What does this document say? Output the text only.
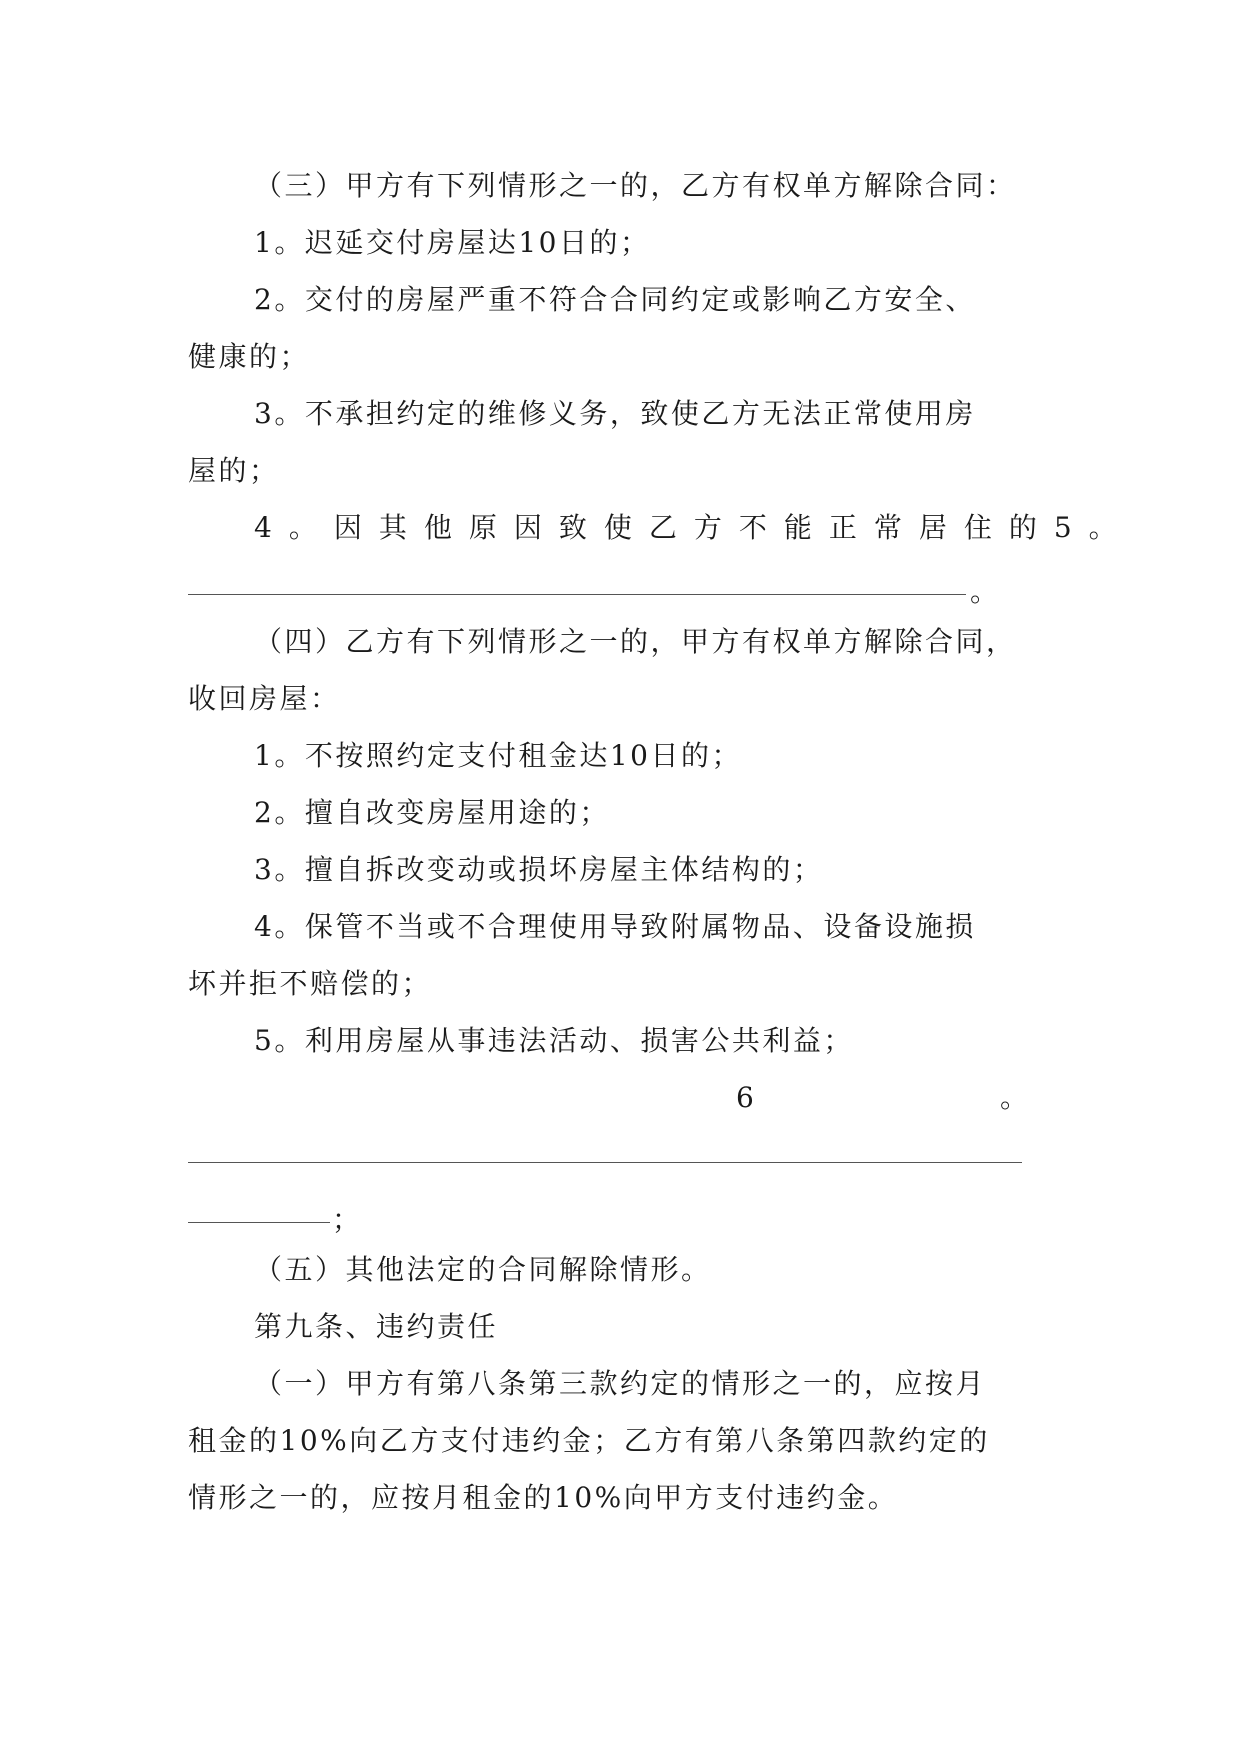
（三）甲方有下列情形之一的，乙方有权单方解除合同：
1。迟延交付房屋达10日的；
2。交付的房屋严重不符合合同约定或影响乙方安全、
健康的；
3。不承担约定的维修义务，致使乙方无法正常使用房
屋的；
4。因其他原因致使乙方不能正常居住的5。
。
（四）乙方有下列情形之一的，甲方有权单方解除合同，
收回房屋：
1。不按照约定支付租金达10日的；
2。擅自改变房屋用途的；
3。擅自拆改变动或损坏房屋主体结构的；
4。保管不当或不合理使用导致附属物品、设备设施损
坏并拒不赔偿的；
5。利用房屋从事违法活动、损害公共利益；
6	。
；
（五）其他法定的合同解除情形。
第九条、违约责任
（一）甲方有第八条第三款约定的情形之一的，应按月
租金的10%向乙方支付违约金；乙方有第八条第四款约定的
情形之一的，应按月租金的10%向甲方支付违约金。
